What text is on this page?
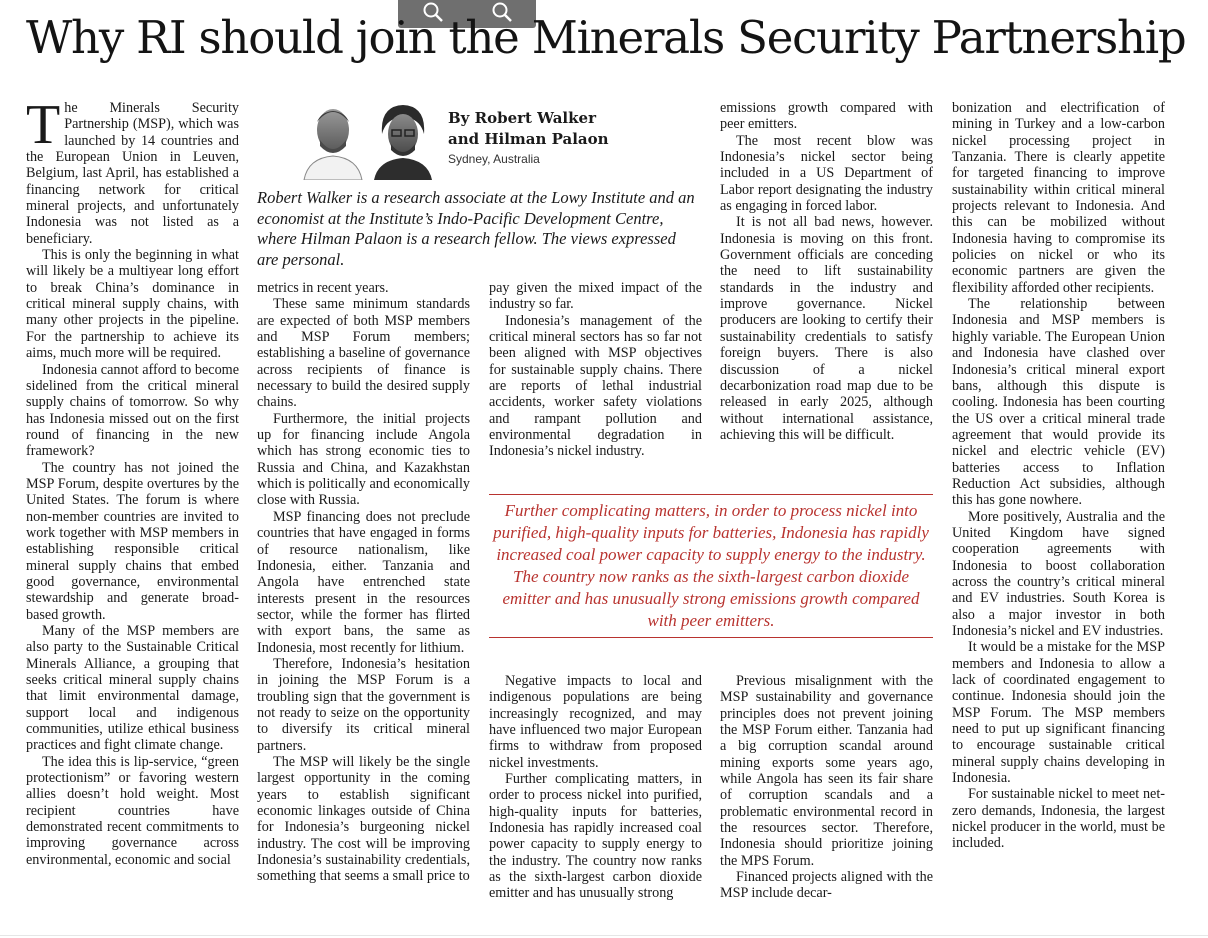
Why RI should join the Minerals Security Partnership

The Minerals Security Partnership (MSP), which was launched by 14 countries and the European Union in Leuven, Belgium, last April, has established a financing network for critical mineral projects, and unfortunately Indonesia was not listed as a beneficiary.

This is only the beginning in what will likely be a multiyear long effort to break China’s dominance in critical mineral supply chains, with many other projects in the pipeline. For the partnership to achieve its aims, much more will be required.

Indonesia cannot afford to become sidelined from the critical mineral supply chains of tomorrow. So why has Indonesia missed out on the first round of financing in the new framework?

The country has not joined the MSP Forum, despite overtures by the United States. The forum is where non-member countries are invited to work together with MSP members in establishing responsible critical mineral supply chains that embed good governance, environmental stewardship and generate broad-based growth.

Many of the MSP members are also party to the Sustainable Critical Minerals Alliance, a grouping that seeks critical mineral supply chains that limit environmental damage, support local and indigenous communities, utilize ethical business practices and fight climate change.

The idea this is lip-service, “green protectionism” or favoring western allies doesn’t hold weight. Most recipient countries have demonstrated recent commitments to improving governance across environmental, economic and social

By Robert Walker
and Hilman Palaon
Sydney, Australia
Robert Walker is a research associate at the Lowy Institute and an economist at the Institute’s Indo-Pacific Development Centre, where Hilman Palaon is a research fellow. The views expressed are personal.

metrics in recent years.

These same minimum standards are expected of both MSP members and MSP Forum members; establishing a baseline of governance across recipients of finance is necessary to build the desired supply chains.

Furthermore, the initial projects up for financing include Angola which has strong economic ties to Russia and China, and Kazakhstan which is politically and economically close with Russia.

MSP financing does not preclude countries that have engaged in forms of resource nationalism, like Indonesia, either. Tanzania and Angola have entrenched state interests present in the resources sector, while the former has flirted with export bans, the same as Indonesia, most recently for lithium.

Therefore, Indonesia’s hesitation in joining the MSP Forum is a troubling sign that the government is not ready to seize on the opportunity to diversify its critical mineral partners.

The MSP will likely be the single largest opportunity in the coming years to establish significant economic linkages outside of China for Indonesia’s burgeoning nickel industry. The cost will be improving Indonesia’s sustainability credentials, something that seems a small price to

pay given the mixed impact of the industry so far.

Indonesia’s management of the critical mineral sectors has so far not been aligned with MSP objectives for sustainable supply chains. There are reports of lethal industrial accidents, worker safety violations and rampant pollution and environmental degradation in Indonesia’s nickel industry.

emissions growth compared with peer emitters.

The most recent blow was Indonesia’s nickel sector being included in a US Department of Labor report designating the industry as engaging in forced labor.

It is not all bad news, however. Indonesia is moving on this front. Government officials are conceding the need to lift sustainability standards in the industry and improve governance. Nickel producers are looking to certify their sustainability credentials to satisfy foreign buyers. There is also discussion of a nickel decarbonization road map due to be released in early 2025, although without international assistance, achieving this will be difficult.

Further complicating matters, in order to process nickel into purified, high-quality inputs for batteries, Indonesia has rapidly increased coal power capacity to supply energy to the industry. The country now ranks as the sixth-largest carbon dioxide emitter and has unusually strong emissions growth compared with peer emitters.

Negative impacts to local and indigenous populations are being increasingly recognized, and may have influenced two major European firms to withdraw from proposed nickel investments.

Further complicating matters, in order to process nickel into purified, high-quality inputs for batteries, Indonesia has rapidly increased coal power capacity to supply energy to the industry. The country now ranks as the sixth-largest carbon dioxide emitter and has unusually strong

Previous misalignment with the MSP sustainability and governance principles does not prevent joining the MSP Forum either. Tanzania had a big corruption scandal around mining exports some years ago, while Angola has seen its fair share of corruption scandals and a problematic environmental record in the resources sector. Therefore, Indonesia should prioritize joining the MPS Forum.

Financed projects aligned with the MSP include decar-

bonization and electrification of mining in Turkey and a low-carbon nickel processing project in Tanzania. There is clearly appetite for targeted financing to improve sustainability within critical mineral projects relevant to Indonesia. And this can be mobilized without Indonesia having to compromise its policies on nickel or who its economic partners are given the flexibility afforded other recipients.

The relationship between Indonesia and MSP members is highly variable. The European Union and Indonesia have clashed over Indonesia’s critical mineral export bans, although this dispute is cooling. Indonesia has been courting the US over a critical mineral trade agreement that would provide its nickel and electric vehicle (EV) batteries access to Inflation Reduction Act subsidies, although this has gone nowhere.

More positively, Australia and the United Kingdom have signed cooperation agreements with Indonesia to boost collaboration across the country’s critical mineral and EV industries. South Korea is also a major investor in both Indonesia’s nickel and EV industries.

It would be a mistake for the MSP members and Indonesia to allow a lack of coordinated engagement to continue. Indonesia should join the MSP Forum. The MSP members need to put up significant financing to encourage sustainable critical mineral supply chains developing in Indonesia.

For sustainable nickel to meet net-zero demands, Indonesia, the largest nickel producer in the world, must be included.
